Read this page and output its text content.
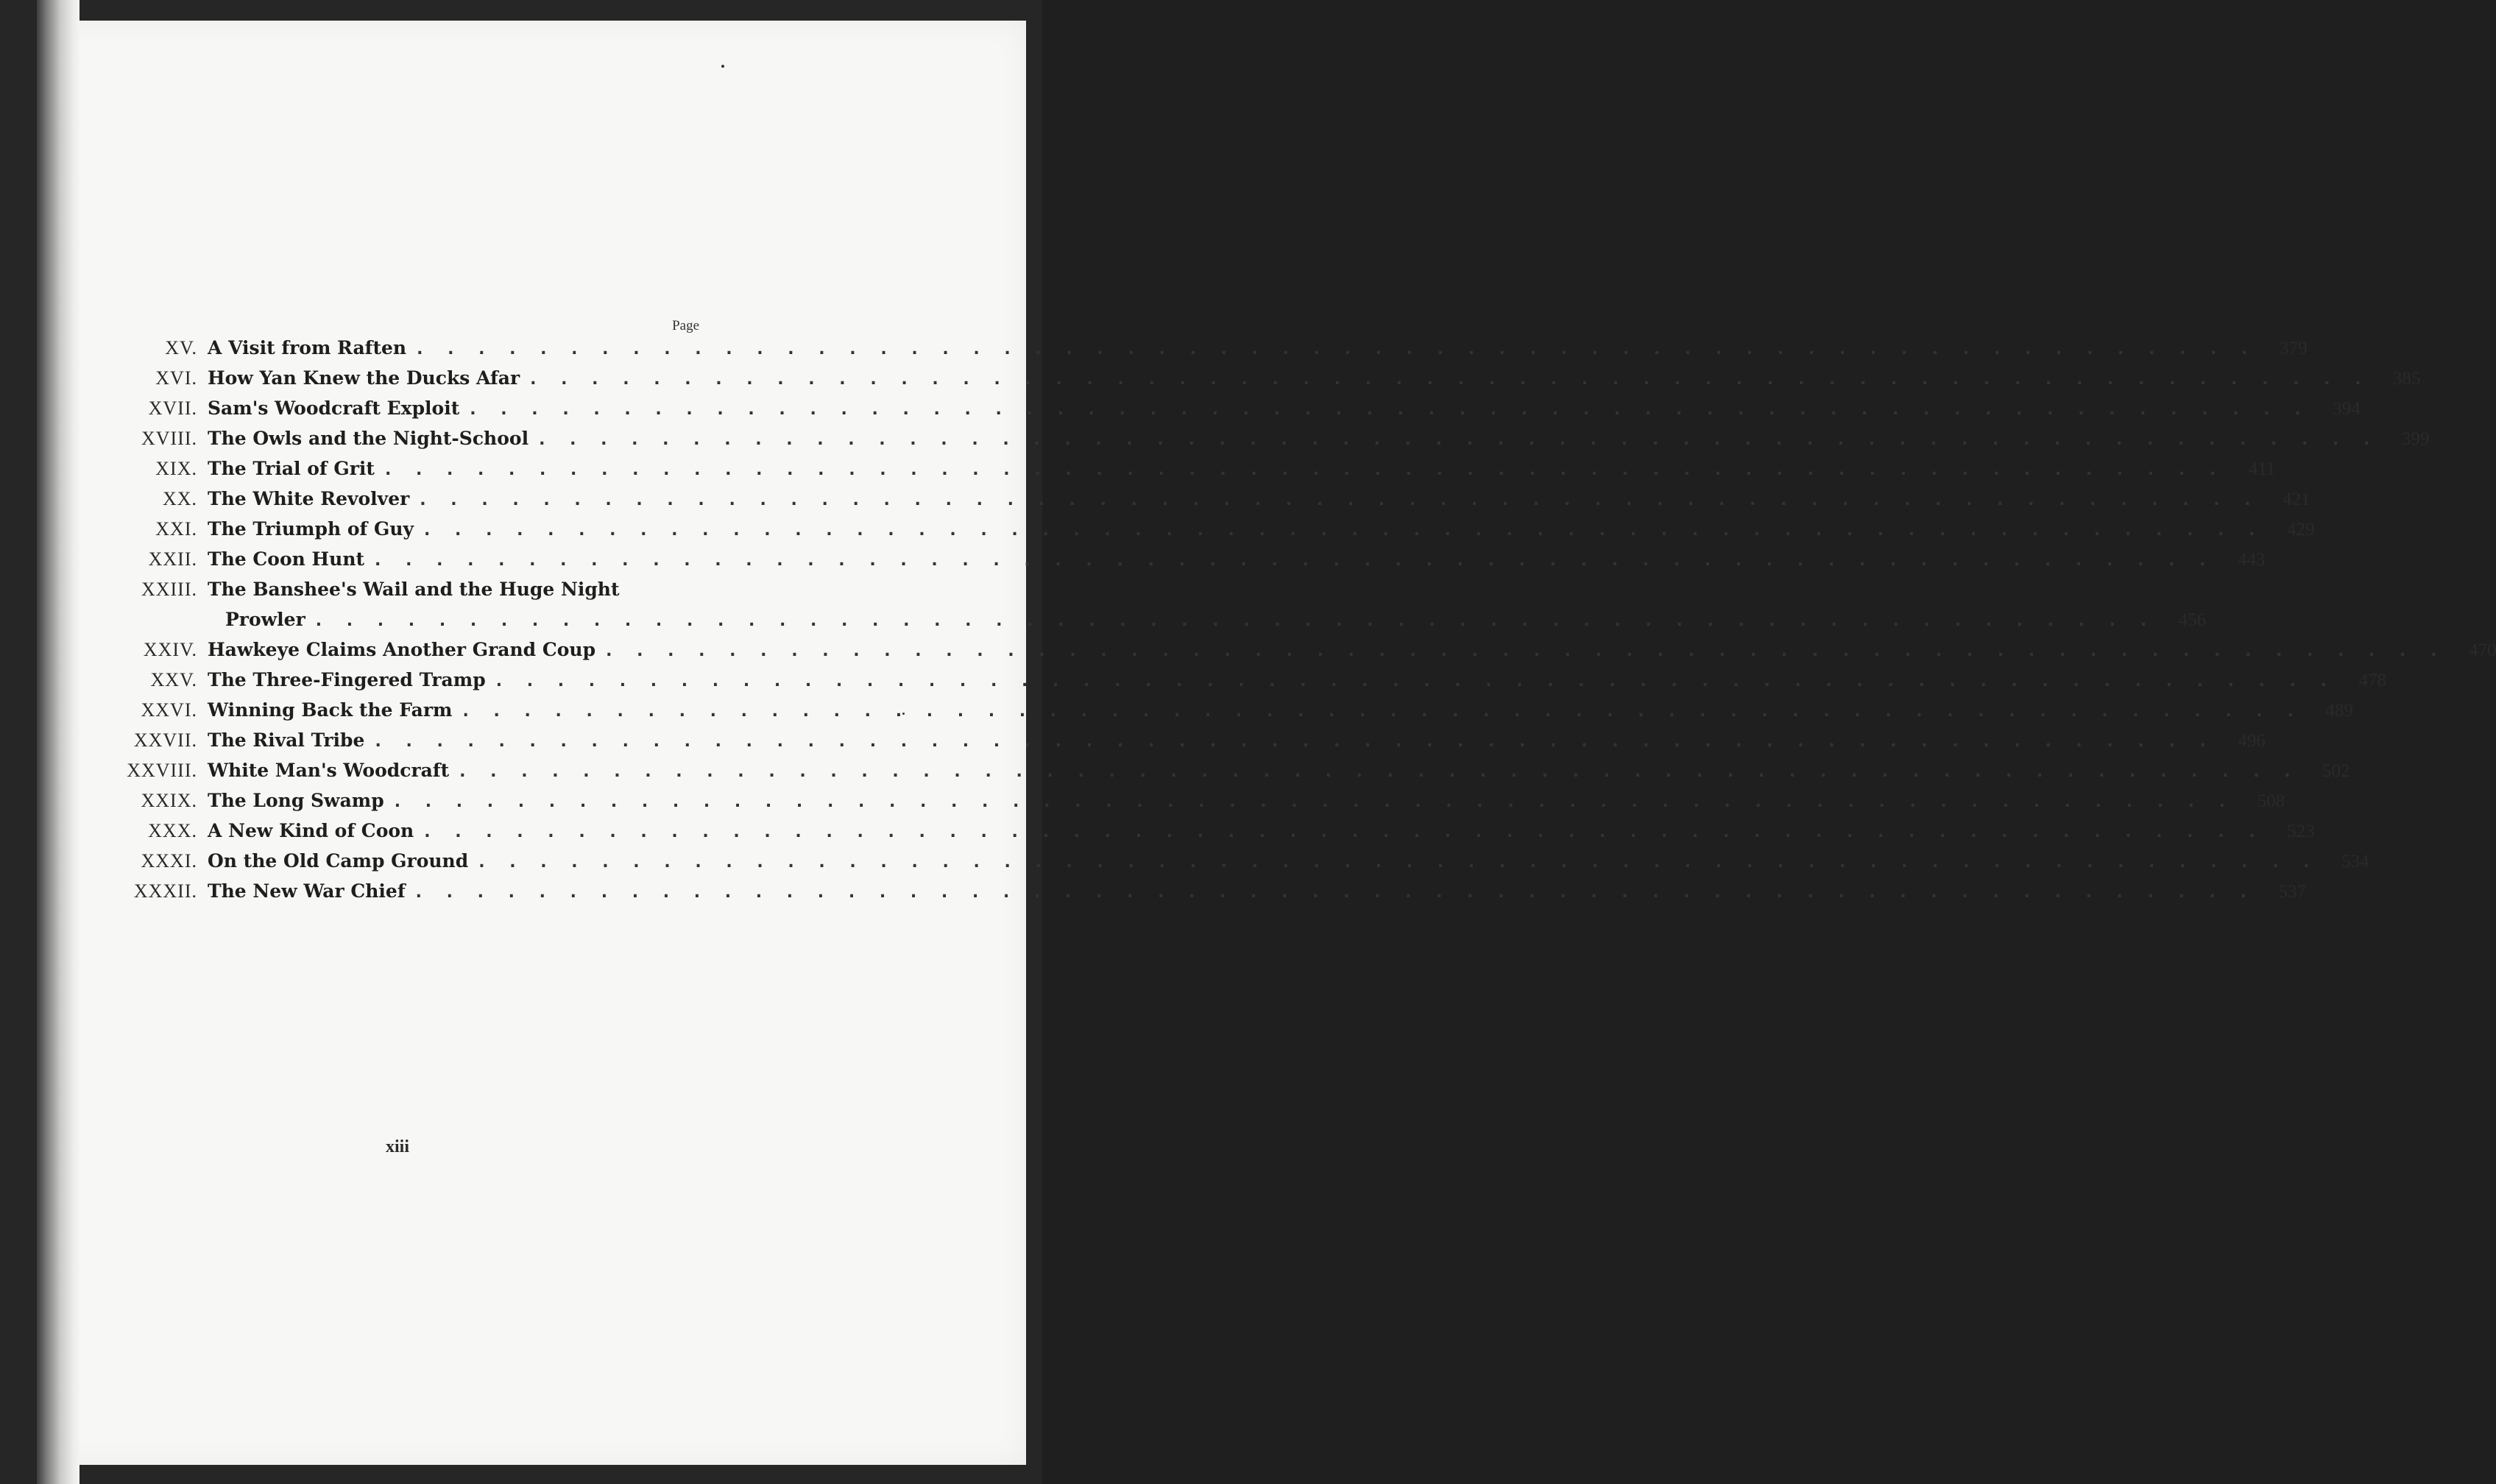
Page
XV. A Visit from Raften . . . . . . . . . . . . . . . . . . . . . . . . . . . . . . . . . . . . . . . . . . . . . . . . . . . . . . . . . . . .	379
XVI. How Yan Knew the Ducks Afar . . . . . . . . . . . . . . . . . . . . . . . . . . . . . . . . . . . . . . . . . . . . . . . . . . . . . . . . . . . .	385
XVII. Sam's Woodcraft Exploit . . . . . . . . . . . . . . . . . . . . . . . . . . . . . . . . . . . . . . . . . . . . . . . . . . . . . . . . . . . .	394
XVIII. The Owls and the Night-School . . . . . . . . . . . . . . . . . . . . . . . . . . . . . . . . . . . . . . . . . . . . . . . . . . . . . . . . . . . .	399
XIX. The Trial of Grit . . . . . . . . . . . . . . . . . . . . . . . . . . . . . . . . . . . . . . . . . . . . . . . . . . . . . . . . . . . .	411
XX. The White Revolver . . . . . . . . . . . . . . . . . . . . . . . . . . . . . . . . . . . . . . . . . . . . . . . . . . . . . . . . . . . .	421
XXI. The Triumph of Guy . . . . . . . . . . . . . . . . . . . . . . . . . . . . . . . . . . . . . . . . . . . . . . . . . . . . . . . . . . . .	429
XXII. The Coon Hunt . . . . . . . . . . . . . . . . . . . . . . . . . . . . . . . . . . . . . . . . . . . . . . . . . . . . . . . . . . . .	443
XXIII. The Banshee's Wail and the Huge Night
Prowler . . . . . . . . . . . . . . . . . . . . . . . . . . . . . . . . . . . . . . . . . . . . . . . . . . . . . . . . . . . .	456
XXIV. Hawkeye Claims Another Grand Coup . . . . . . . . . . . . . . . . . . . . . . . . . . . . . . . . . . . . . . . . . . . . . . . . . . . . . . . . . . . .	470
XXV. The Three-Fingered Tramp . . . . . . . . . . . . . . . . . . . . . . . . . . . . . . . . . . . . . . . . . . . . . . . . . . . . . . . . . . . .	478
XXVI. Winning Back the Farm . . . . . . . . . . . . . . . . . . . . . . . . . . . . . . . . . . . . . . . . . . . . . . . . . . . . . . . . . . . .	489
XXVII. The Rival Tribe . . . . . . . . . . . . . . . . . . . . . . . . . . . . . . . . . . . . . . . . . . . . . . . . . . . . . . . . . . . .	496
XXVIII. White Man's Woodcraft . . . . . . . . . . . . . . . . . . . . . . . . . . . . . . . . . . . . . . . . . . . . . . . . . . . . . . . . . . . .	502
XXIX. The Long Swamp . . . . . . . . . . . . . . . . . . . . . . . . . . . . . . . . . . . . . . . . . . . . . . . . . . . . . . . . . . . .	508
XXX. A New Kind of Coon . . . . . . . . . . . . . . . . . . . . . . . . . . . . . . . . . . . . . . . . . . . . . . . . . . . . . . . . . . . .	523
XXXI. On the Old Camp Ground . . . . . . . . . . . . . . . . . . . . . . . . . . . . . . . . . . . . . . . . . . . . . . . . . . . . . . . . . . . .	534
XXXII. The New War Chief . . . . . . . . . . . . . . . . . . . . . . . . . . . . . . . . . . . . . . . . . . . . . . . . . . . . . . . . . . . .	537
xiii
